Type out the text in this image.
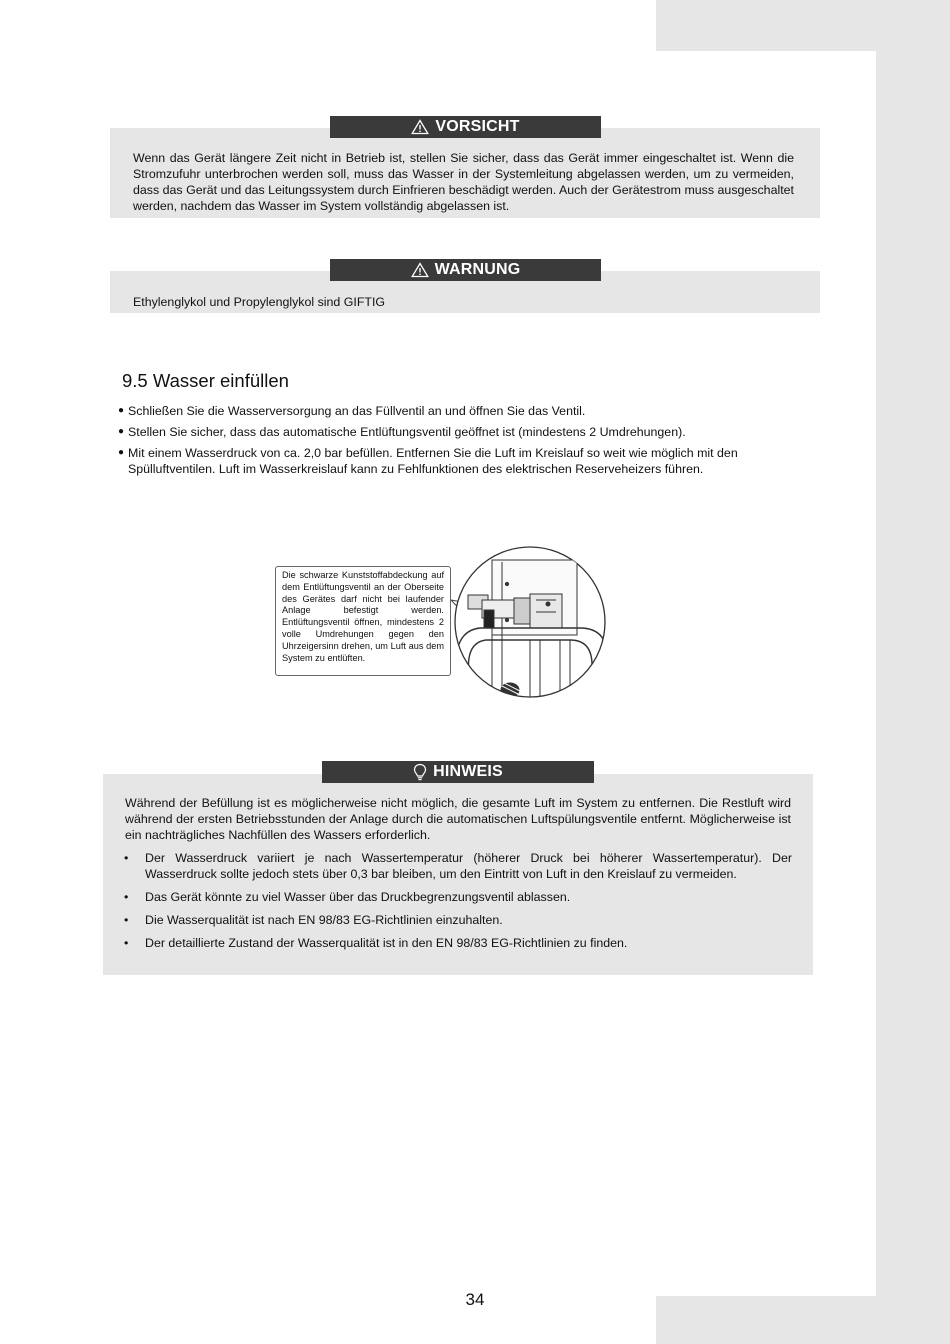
VORSICHT
Wenn das Gerät längere Zeit nicht in Betrieb ist, stellen Sie sicher, dass das Gerät immer eingeschaltet ist. Wenn die Stromzufuhr unterbrochen werden soll, muss das Wasser in der Systemleitung abgelassen werden, um zu vermeiden, dass das Gerät und das Leitungssystem durch Einfrieren beschädigt werden. Auch der Gerätestrom muss ausgeschaltet werden, nachdem das Wasser im System vollständig abgelassen ist.
WARNUNG
Ethylenglykol und Propylenglykol sind GIFTIG
9.5 Wasser einfüllen
● Schließen Sie die Wasserversorgung an das Füllventil an und öffnen Sie das Ventil.
● Stellen Sie sicher, dass das automatische Entlüftungsventil geöffnet ist (mindestens 2 Umdrehungen).
● Mit einem Wasserdruck von ca. 2,0 bar befüllen. Entfernen Sie die Luft im Kreislauf so weit wie möglich mit den Spülluftventilen. Luft im Wasserkreislauf kann zu Fehlfunktionen des elektrischen Reserveheizers führen.
Die schwarze Kunststoffabdeckung auf dem Entlüftungsventil an der Oberseite des Gerätes darf nicht bei laufender Anlage befestigt werden. Entlüftungsventil öffnen, mindestens 2 volle Umdrehungen gegen den Uhrzeigersinn drehen, um Luft aus dem System zu entlüften.
HINWEIS
Während der Befüllung ist es möglicherweise nicht möglich, die gesamte Luft im System zu entfernen. Die Restluft wird während der ersten Betriebsstunden der Anlage durch die automatischen Luftspülungsventile entfernt. Möglicherweise ist ein nachträgliches Nachfüllen des Wassers erforderlich.
•	Der Wasserdruck variiert je nach Wassertemperatur (höherer Druck bei höherer Wassertemperatur). Der Wasserdruck sollte jedoch stets über 0,3 bar bleiben, um den Eintritt von Luft in den Kreislauf zu vermeiden.
•	Das Gerät könnte zu viel Wasser über das Druckbegrenzungsventil ablassen.
•	Die Wasserqualität ist nach EN 98/83 EG-Richtlinien einzuhalten.
•	Der detaillierte Zustand der Wasserqualität ist in den EN 98/83 EG-Richtlinien zu finden.
34
